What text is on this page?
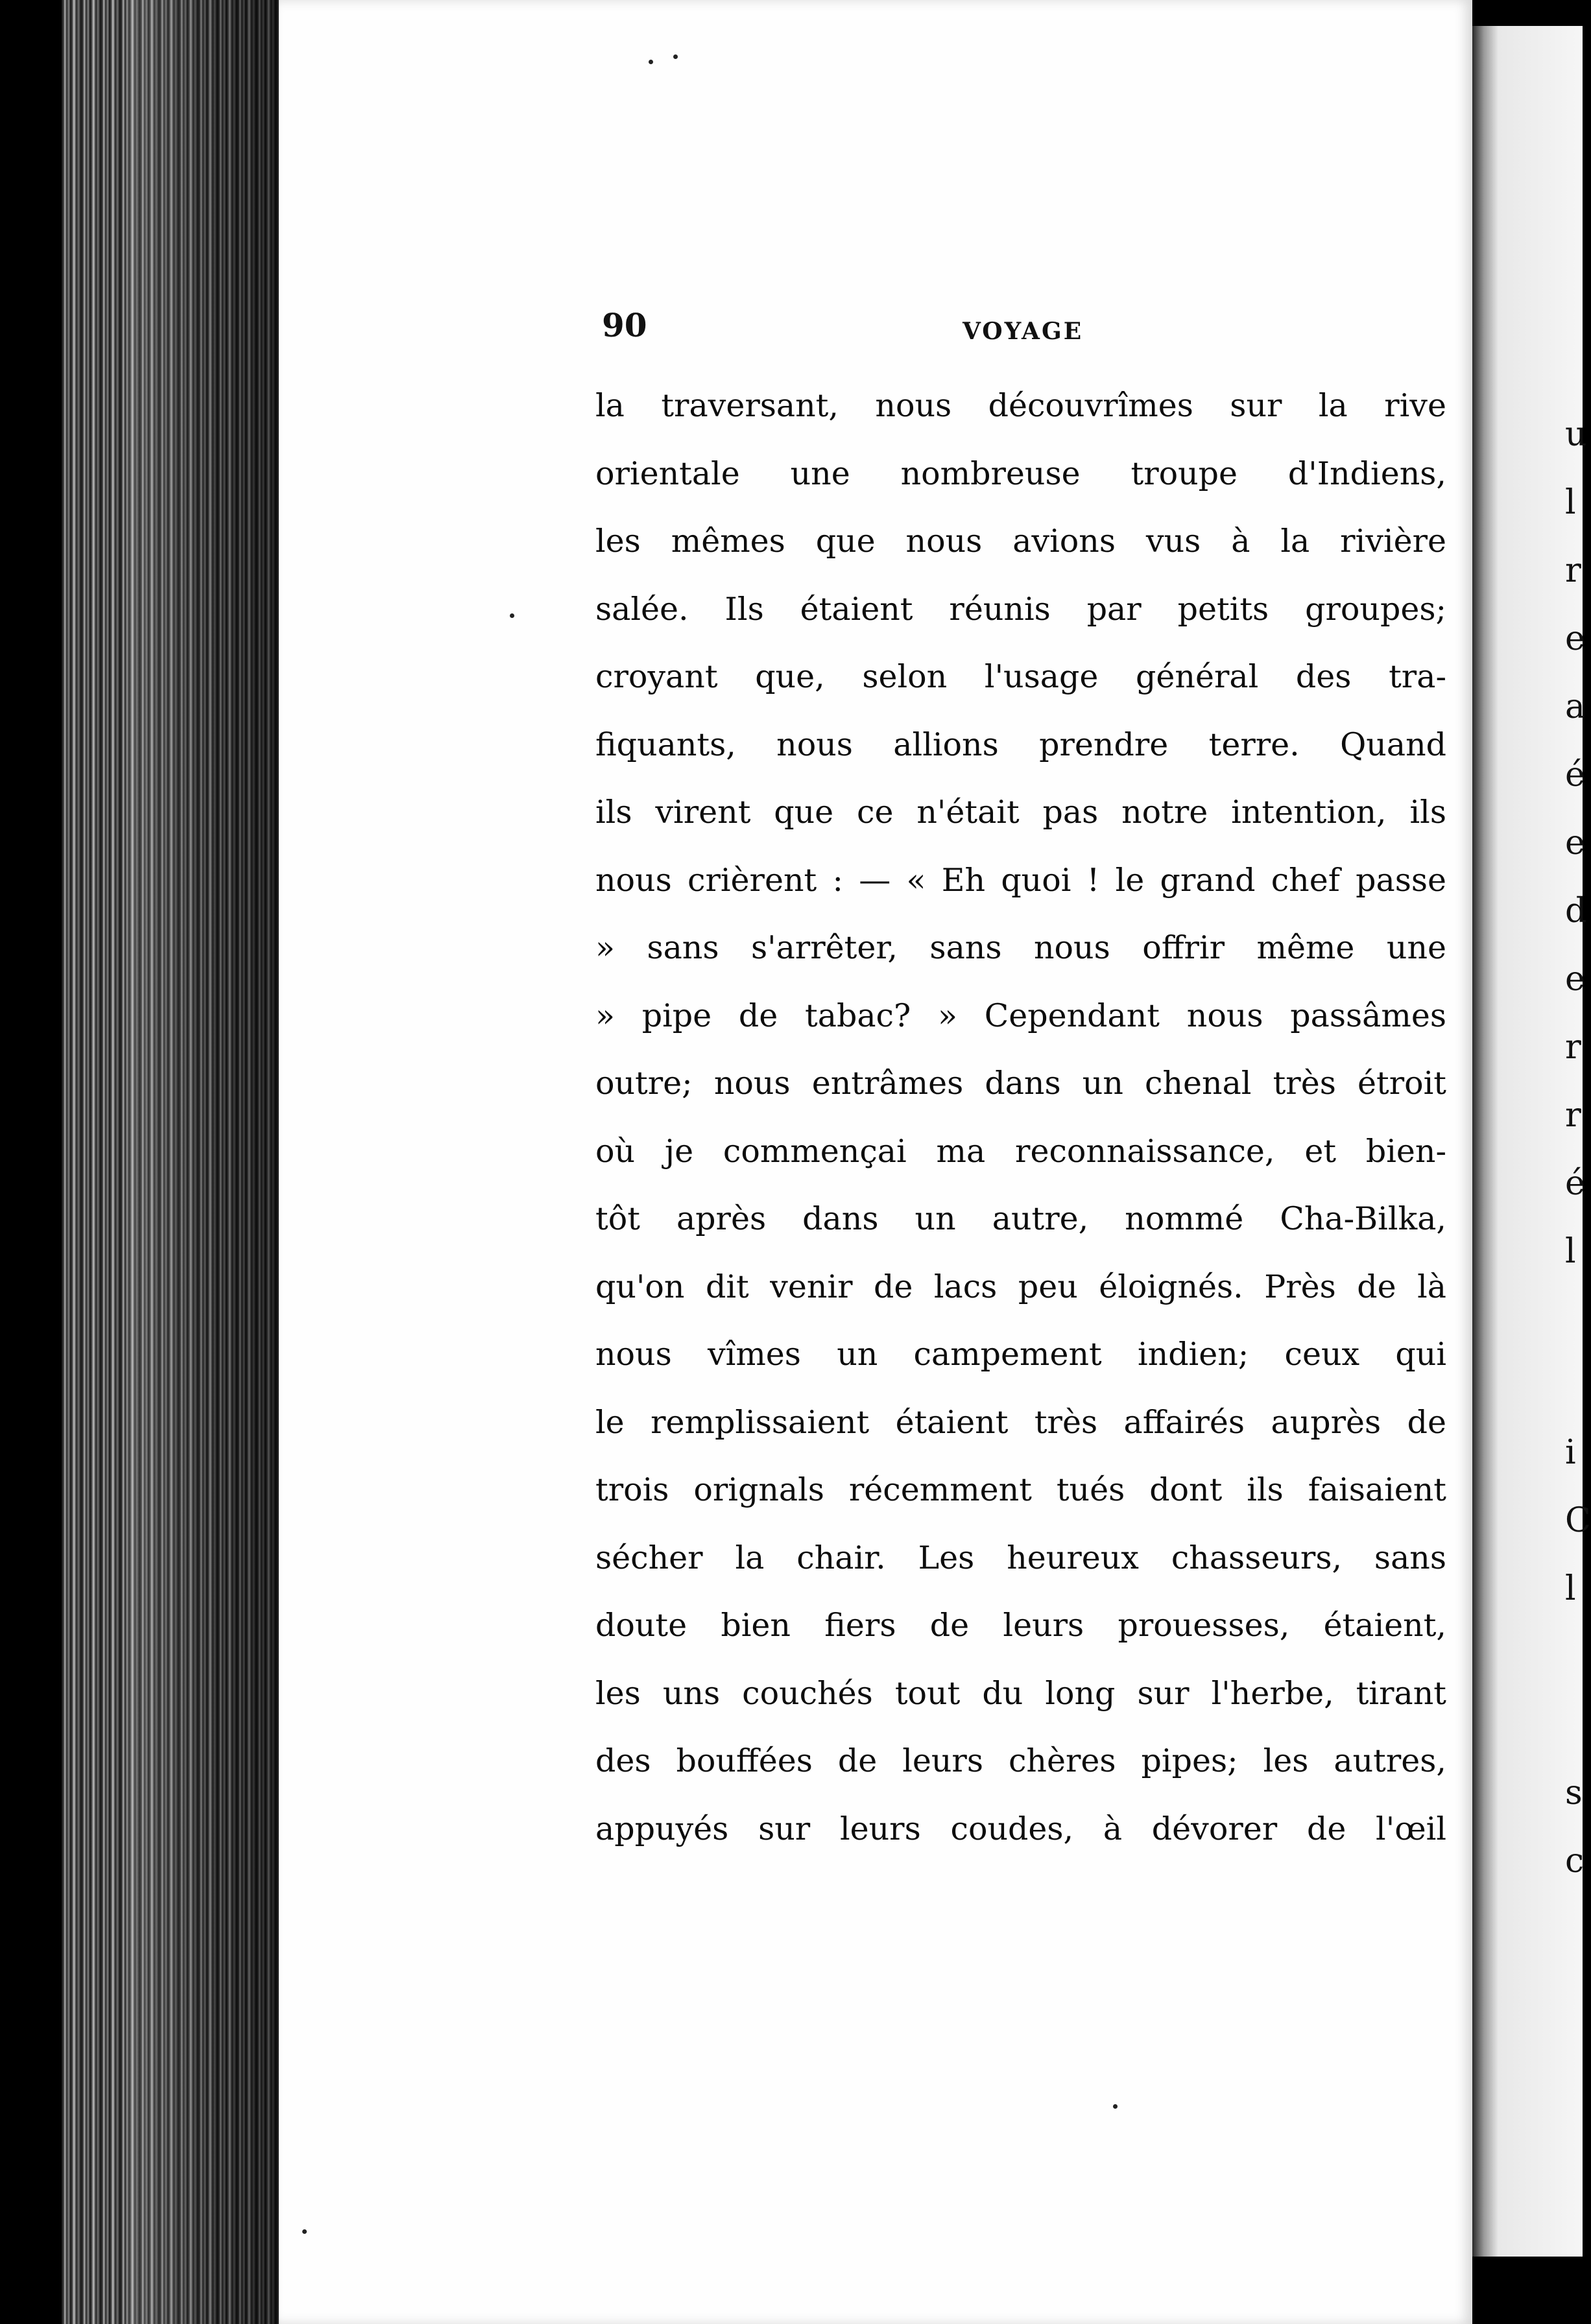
u
l
r
e
a
é
e
d
e
r
r
é
l
i
C
l
s
c
90	VOYAGE
la traversant, nous découvrîmes sur la rive
orientale une nombreuse troupe d'Indiens,
les mêmes que nous avions vus à la rivière
salée. Ils étaient réunis par petits groupes;
croyant que, selon l'usage général des tra-
fiquants, nous allions prendre terre. Quand
ils virent que ce n'était pas notre intention, ils
nous crièrent : — « Eh quoi ! le grand chef passe
» sans s'arrêter, sans nous offrir même une
» pipe de tabac? » Cependant nous passâmes
outre; nous entrâmes dans un chenal très étroit
où je commençai ma reconnaissance, et bien-
tôt après dans un autre, nommé Cha-Bilka,
qu'on dit venir de lacs peu éloignés. Près de là
nous vîmes un campement indien; ceux qui
le remplissaient étaient très affairés auprès de
trois orignals récemment tués dont ils faisaient
sécher la chair. Les heureux chasseurs, sans
doute bien fiers de leurs prouesses, étaient,
les uns couchés tout du long sur l'herbe, tirant
des bouffées de leurs chères pipes; les autres,
appuyés sur leurs coudes, à dévorer de l'œil
